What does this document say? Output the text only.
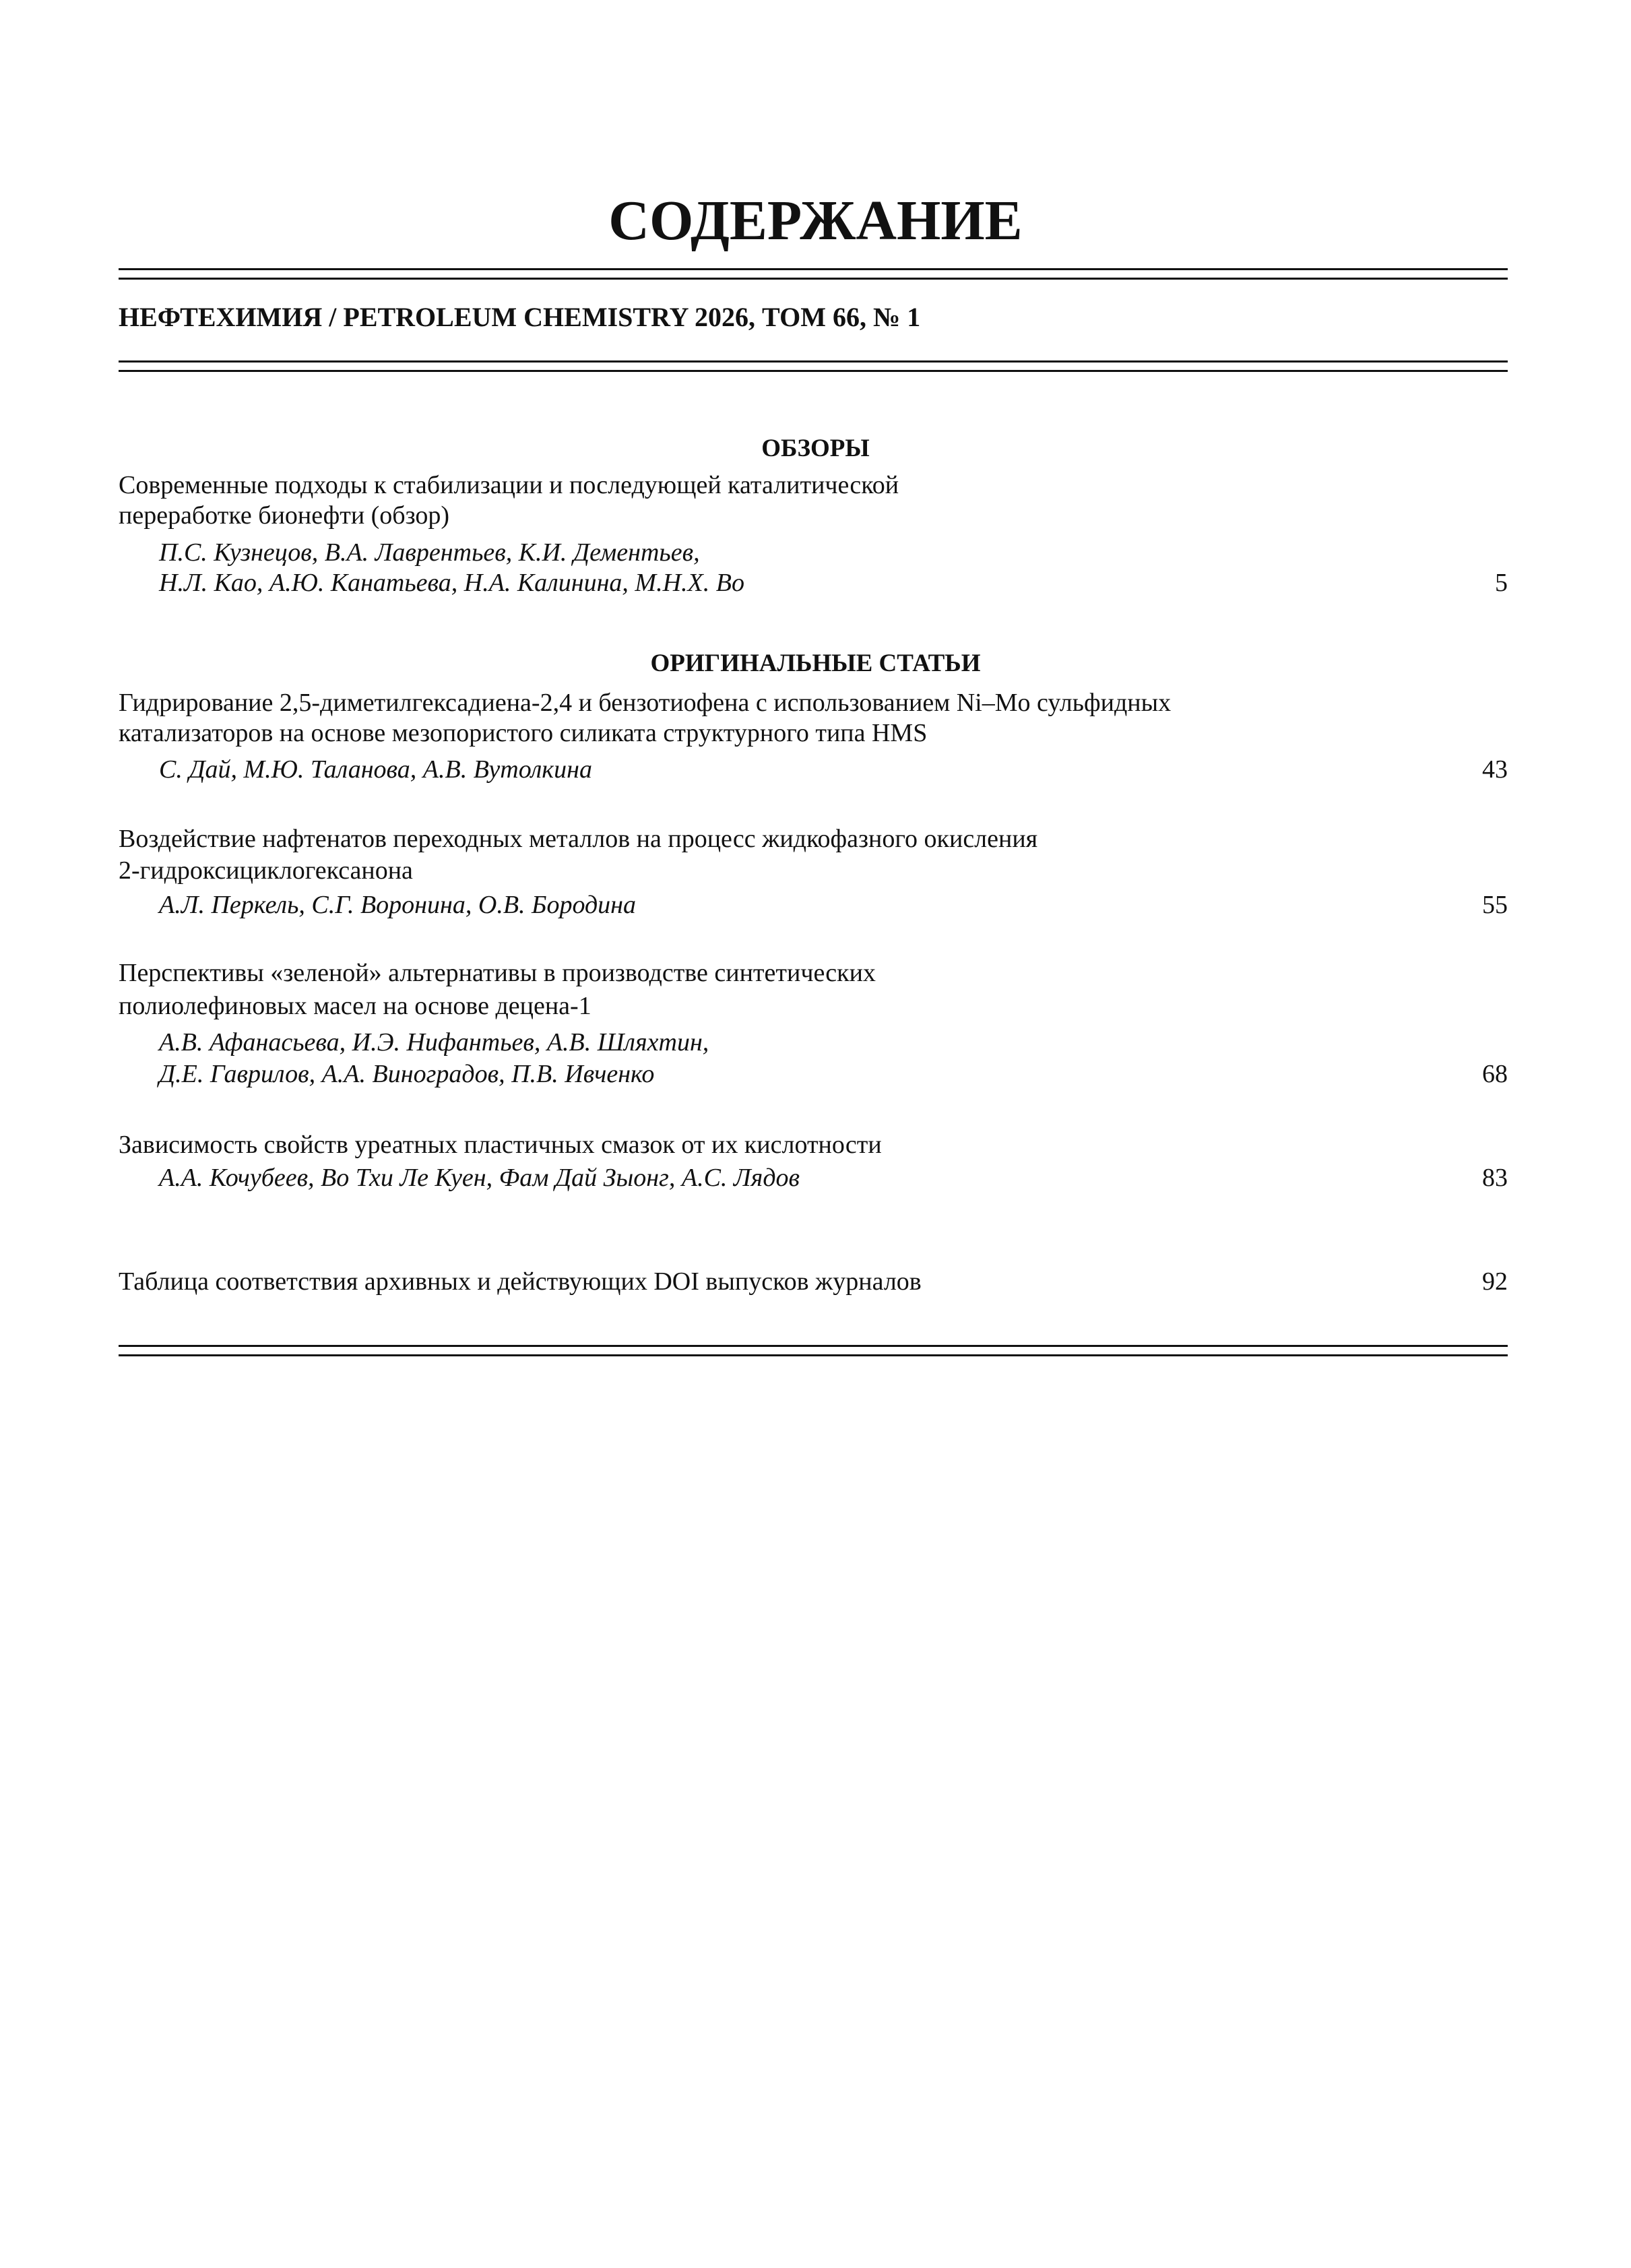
СОДЕРЖАНИЕ
НЕФТЕХИМИЯ / PETROLEUM CHEMISTRY 2026, ТОМ 66, № 1
ОБЗОРЫ
Современные подходы к стабилизации и последующей каталитической
переработке бионефти (обзор)
П.С. Кузнецов, В.А. Лаврентьев, К.И. Дементьев,
Н.Л. Као, А.Ю. Канатьева, Н.А. Калинина, М.Н.Х. Во	5
ОРИГИНАЛЬНЫЕ СТАТЬИ
Гидрирование 2,5-диметилгексадиена-2,4 и бензотиофена с использованием Ni–Mo сульфидных
катализаторов на основе мезопористого силиката структурного типа HMS
С. Дай, М.Ю. Таланова, А.В. Вутолкина	43
Воздействие нафтенатов переходных металлов на процесс жидкофазного окисления
2-гидроксициклогексанона
А.Л. Перкель, С.Г. Воронина, О.В. Бородина	55
Перспективы «зеленой» альтернативы в производстве синтетических
полиолефиновых масел на основе децена-1
А.В. Афанасьева, И.Э. Нифантьев, А.В. Шляхтин,
Д.Е. Гаврилов, А.А. Виноградов, П.В. Ивченко	68
Зависимость свойств уреатных пластичных смазок от их кислотности
А.А. Кочубеев, Во Тхи Ле Куен, Фам Дай Зыонг, А.С. Лядов	83
Таблица соответствия архивных и действующих DOI выпусков журналов	92
